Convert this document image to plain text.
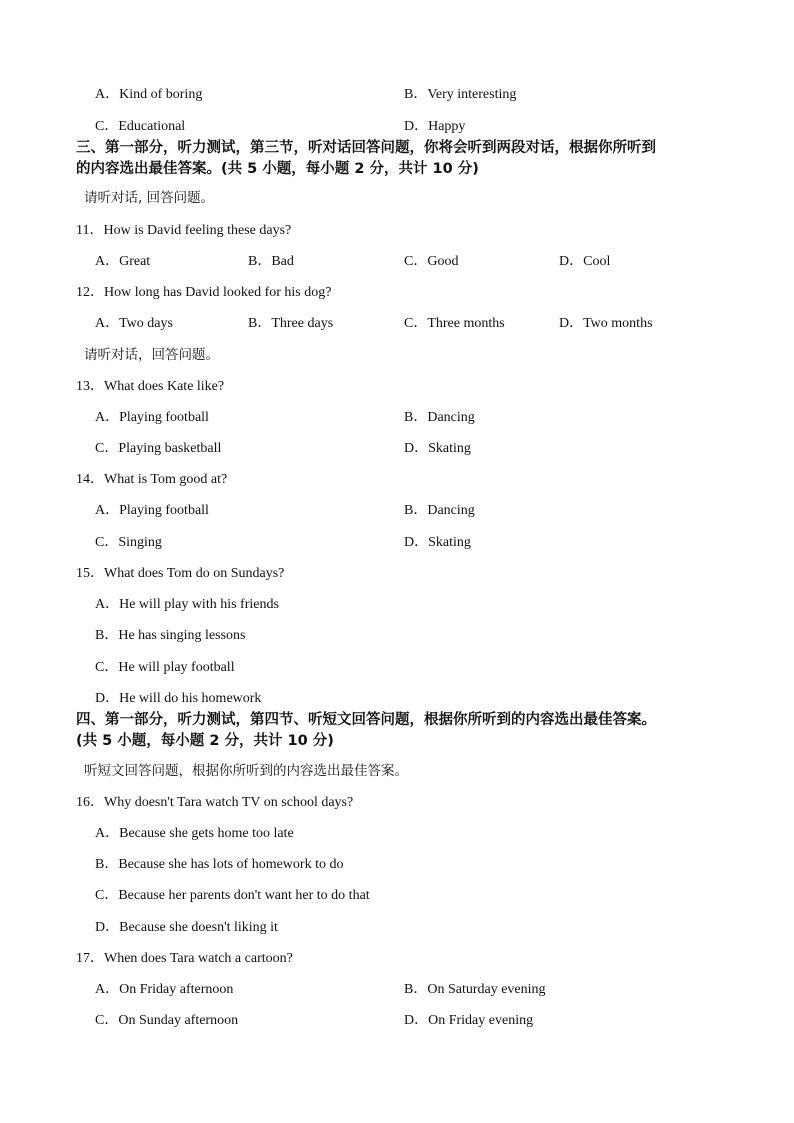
A．Kind of boring	B．Very interesting
C．Educational	D．Happy
三、第一部分，听力测试，第三节，听对话回答问题，你将会听到两段对话，根据你所听到
的内容选出最佳答案。(共 5 小题，每小题 2 分，共计 10 分)
请听对话, 回答问题。
11．How is David feeling these days?
A．Great	B．Bad	C．Good	D．Cool
12．How long has David looked for his dog?
A．Two days	B．Three days	C．Three months	D．Two months
请听对话，回答问题。
13．What does Kate like?
A．Playing football	B．Dancing
C．Playing basketball	D．Skating
14．What is Tom good at?
A．Playing football	B．Dancing
C．Singing	D．Skating
15．What does Tom do on Sundays?
A．He will play with his friends
B．He has singing lessons
C．He will play football
D．He will do his homework
四、第一部分，听力测试，第四节、听短文回答问题，根据你所听到的内容选出最佳答案。
(共 5 小题，每小题 2 分，共计 10 分)
听短文回答问题，根据你所听到的内容选出最佳答案。
16．Why doesn't Tara watch TV on school days?
A．Because she gets home too late
B．Because she has lots of homework to do
C．Because her parents don't want her to do that
D．Because she doesn't liking it
17．When does Tara watch a cartoon?
A．On Friday afternoon	B．On Saturday evening
C．On Sunday afternoon	D．On Friday evening
